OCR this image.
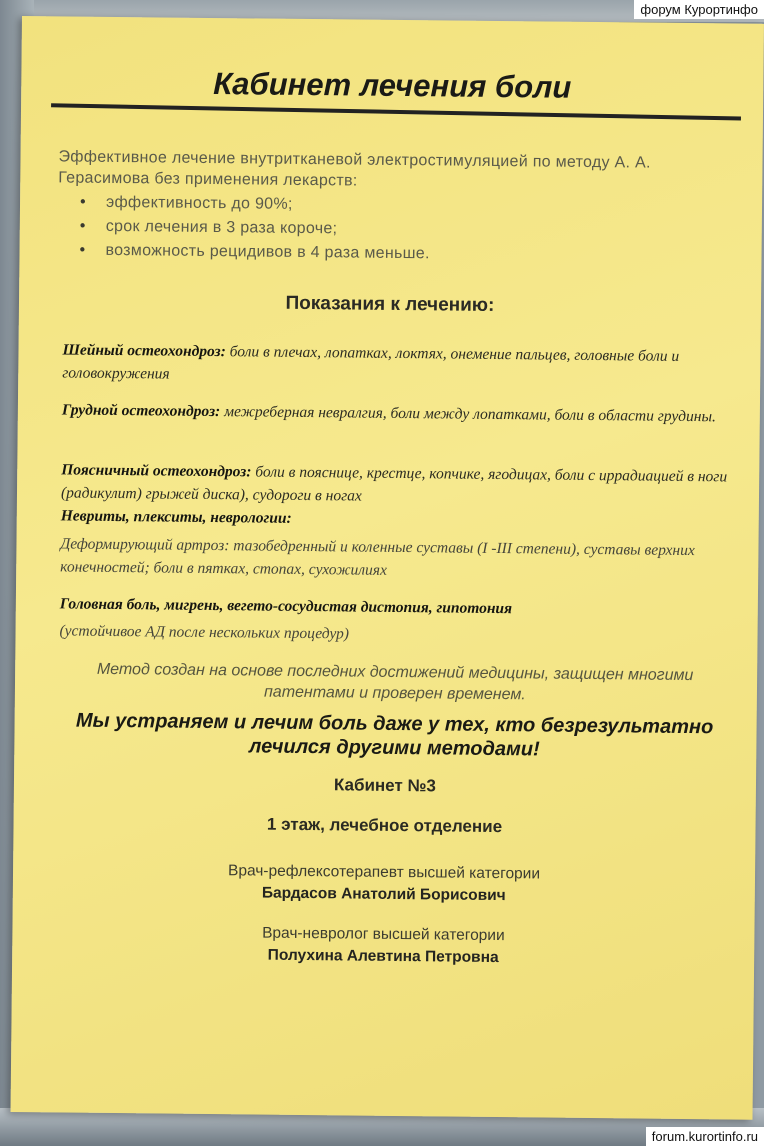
Кабинет лечения боли
Эффективное лечение внутритканевой электростимуляцией по методу А. А. Герасимова без применения лекарств:
• эффективность до 90%;
• срок лечения в 3 раза короче;
• возможность рецидивов в 4 раза меньше.
Показания к лечению:
Шейный остеохондроз: боли в плечах, лопатках, локтях, онемение пальцев, головные боли и головокружения
Грудной остеохондроз: межреберная невралгия, боли между лопатками, боли в области грудины.
Поясничный остеохондроз: боли в пояснице, крестце, копчике, ягодицах, боли с иррадиацией в ноги (радикулит) грыжей диска), судороги в ногах
Невриты, плекситы, неврологии:
Деформирующий артроз: тазобедренный и коленные суставы (I -III степени), суставы верхних конечностей; боли в пятках, стопах, сухожилиях
Головная боль, мигрень, вегето-сосудистая дистопия, гипотония
(устойчивое АД после нескольких процедур)
Метод создан на основе последних достижений медицины, защищен многими патентами и проверен временем.
Мы устраняем и лечим боль даже у тех, кто безрезультатно лечился другими методами!
Кабинет №3
1 этаж, лечебное отделение
Врач-рефлексотерапевт высшей категории
Бардасов Анатолий Борисович
Врач-невролог высшей категории
Полухина Алевтина Петровна
форум Курортинфо
forum.kurortinfo.ru
